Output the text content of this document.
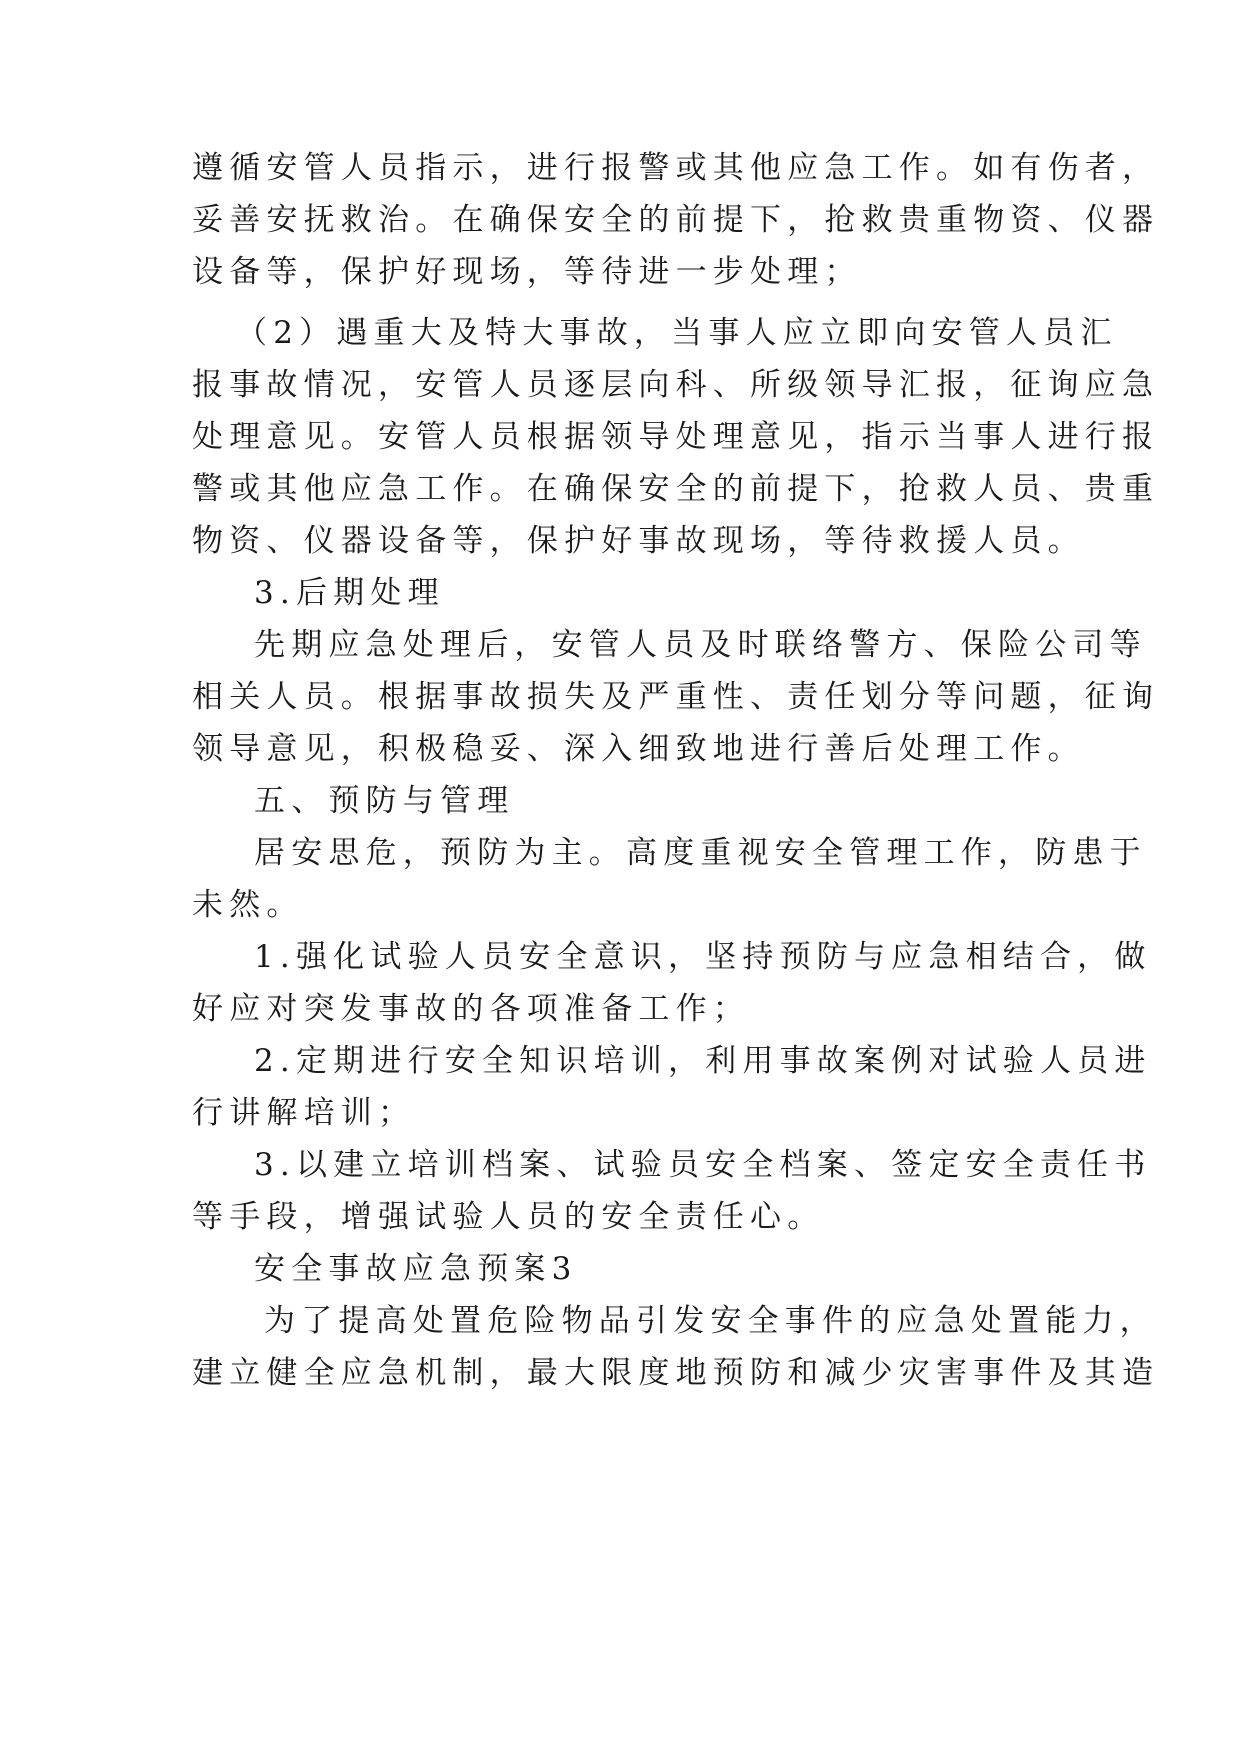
遵循安管人员指示，进行报警或其他应急工作。如有伤者，
妥善安抚救治。在确保安全的前提下，抢救贵重物资、仪器
设备等，保护好现场，等待进一步处理；
（2）遇重大及特大事故，当事人应立即向安管人员汇
报事故情况，安管人员逐层向科、所级领导汇报，征询应急
处理意见。安管人员根据领导处理意见，指示当事人进行报
警或其他应急工作。在确保安全的前提下，抢救人员、贵重
物资、仪器设备等，保护好事故现场，等待救援人员。
3.后期处理
先期应急处理后，安管人员及时联络警方、保险公司等
相关人员。根据事故损失及严重性、责任划分等问题，征询
领导意见，积极稳妥、深入细致地进行善后处理工作。
五、预防与管理
居安思危，预防为主。高度重视安全管理工作，防患于
未然。
1.强化试验人员安全意识，坚持预防与应急相结合，做
好应对突发事故的各项准备工作；
2.定期进行安全知识培训，利用事故案例对试验人员进
行讲解培训；
3.以建立培训档案、试验员安全档案、签定安全责任书
等手段，增强试验人员的安全责任心。
安全事故应急预案3
为了提高处置危险物品引发安全事件的应急处置能力，
建立健全应急机制，最大限度地预防和减少灾害事件及其造
